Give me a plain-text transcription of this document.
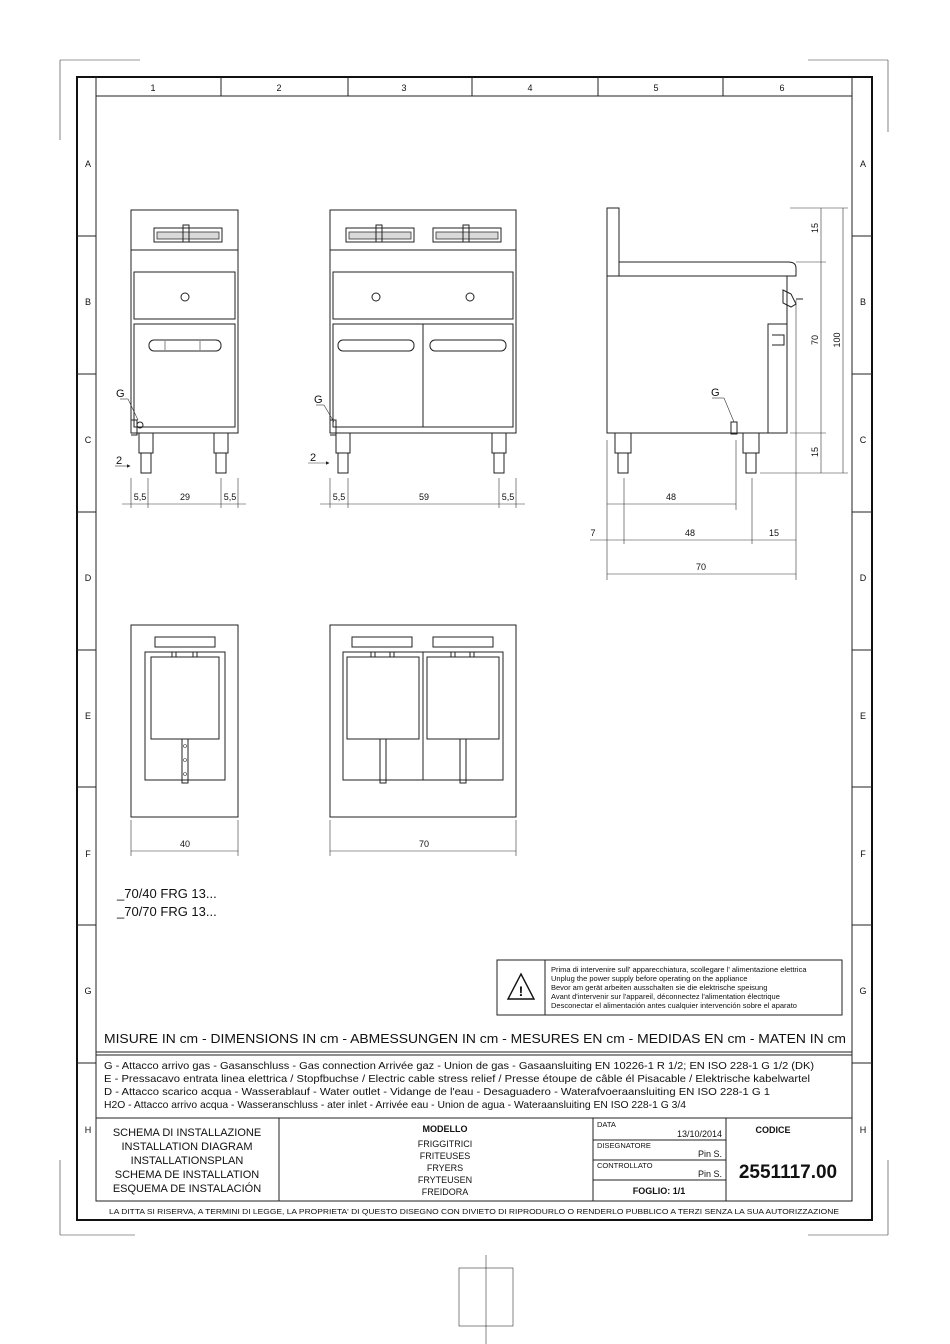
1	2	3	4	5	6
A	A
B	B
C	C
D	D
E	E
F	F
G	G
H	H
G
2
5,5	29	5,5
G
2
5,5	59	5,5
G
15
70 100
15
48
7	48	15
70
40	70
_70/40 FRG 13...
_70/70 FRG 13...
!
Prima di intervenire sull' apparecchiatura, scollegare l' alimentazione elettrica
Unplug the power supply before operating on the appliance
Bevor am gerät arbeiten ausschalten sie die elektrische speisung
Avant d'intervenir sur l'appareil, déconnectez l'alimentation électrique
Desconectar el alimentación antes cualquier intervención sobre el aparato
MISURE IN cm - DIMENSIONS IN cm - ABMESSUNGEN IN cm - MESURES EN cm - MEDIDAS EN cm - MATEN IN cm
G - Attacco arrivo gas - Gasanschluss - Gas connection Arrivée gaz - Union de gas - Gasaansluiting EN 10226-1 R 1/2; EN ISO 228-1 G 1/2 (DK)
E - Pressacavo entrata linea elettrica / Stopfbuchse / Electric cable stress relief / Presse étoupe de câble él Pisacable / Elektrische kabelwartel
D - Attacco scarico acqua - Wasserablauf - Water outlet - Vidange de l'eau - Desaguadero - Waterafvoeraansluiting EN ISO 228-1 G 1
H2O - Attacco arrivo acqua - Wasseranschluss - ater inlet - Arrivée eau - Union de agua - Wateraansluiting EN ISO 228-1 G 3/4
SCHEMA DI INSTALLAZIONE
INSTALLATION DIAGRAM
INSTALLATIONSPLAN
SCHEMA DE INSTALLATION
ESQUEMA DE INSTALACIÓN
MODELLO
FRIGGITRICI
FRITEUSES
FRYERS
FRYTEUSEN
FREIDORA
DATA
13/10/2014
DISEGNATORE
Pin S.
CONTROLLATO
Pin S.
FOGLIO: 1/1
CODICE
2551117.00
LA DITTA SI RISERVA, A TERMINI DI LEGGE, LA PROPRIETA' DI QUESTO DISEGNO CON DIVIETO DI RIPRODURLO O RENDERLO PUBBLICO A TERZI SENZA LA SUA AUTORIZZAZIONE
